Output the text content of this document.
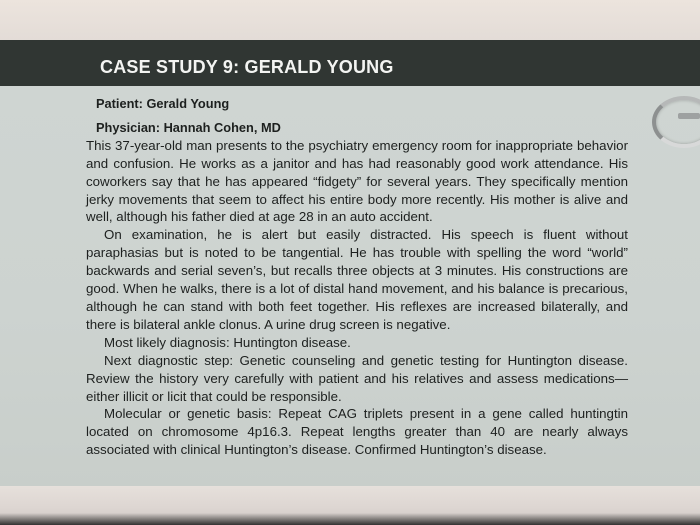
CASE STUDY 9: GERALD YOUNG

Patient: Gerald Young

Physician: Hannah Cohen, MD

This 37-year-old man presents to the psychiatry emergency room for inappropriate behavior and confusion. He works as a janitor and has had reasonably good work attendance. His coworkers say that he has appeared “fidgety” for several years. They specifically mention jerky movements that seem to affect his entire body more recently. His mother is alive and well, although his father died at age 28 in an auto accident.

On examination, he is alert but easily distracted. His speech is fluent without paraphasias but is noted to be tangential. He has trouble with spelling the word “world” backwards and serial seven’s, but recalls three objects at 3 minutes. His constructions are good. When he walks, there is a lot of distal hand movement, and his balance is precarious, although he can stand with both feet together. His reflexes are increased bilaterally, and there is bilateral ankle clonus. A urine drug screen is negative.

Most likely diagnosis: Huntington disease.

Next diagnostic step: Genetic counseling and genetic testing for Huntington disease. Review the history very carefully with patient and his relatives and assess medications—either illicit or licit that could be responsible.

Molecular or genetic basis: Repeat CAG triplets present in a gene called huntingtin located on chromosome 4p16.3. Repeat lengths greater than 40 are nearly always associated with clinical Huntington’s disease. Confirmed Huntington’s disease.
